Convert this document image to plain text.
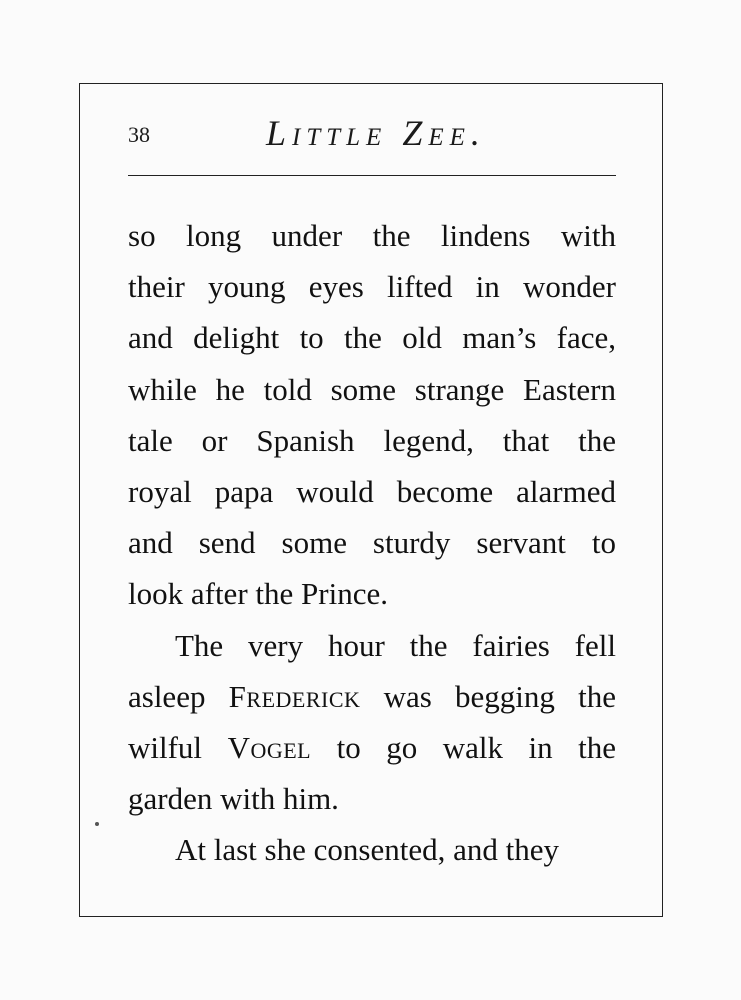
38	Little Zee.
so long under the lindens with
their young eyes lifted in wonder
and delight to the old man’s face,
while he told some strange Eastern
tale or Spanish legend, that the
royal papa would become alarmed
and send some sturdy servant to
look after the Prince.
The very hour the fairies fell
asleep Frederick was begging the
wilful Vogel to go walk in the
garden with him.
At last she consented, and they
